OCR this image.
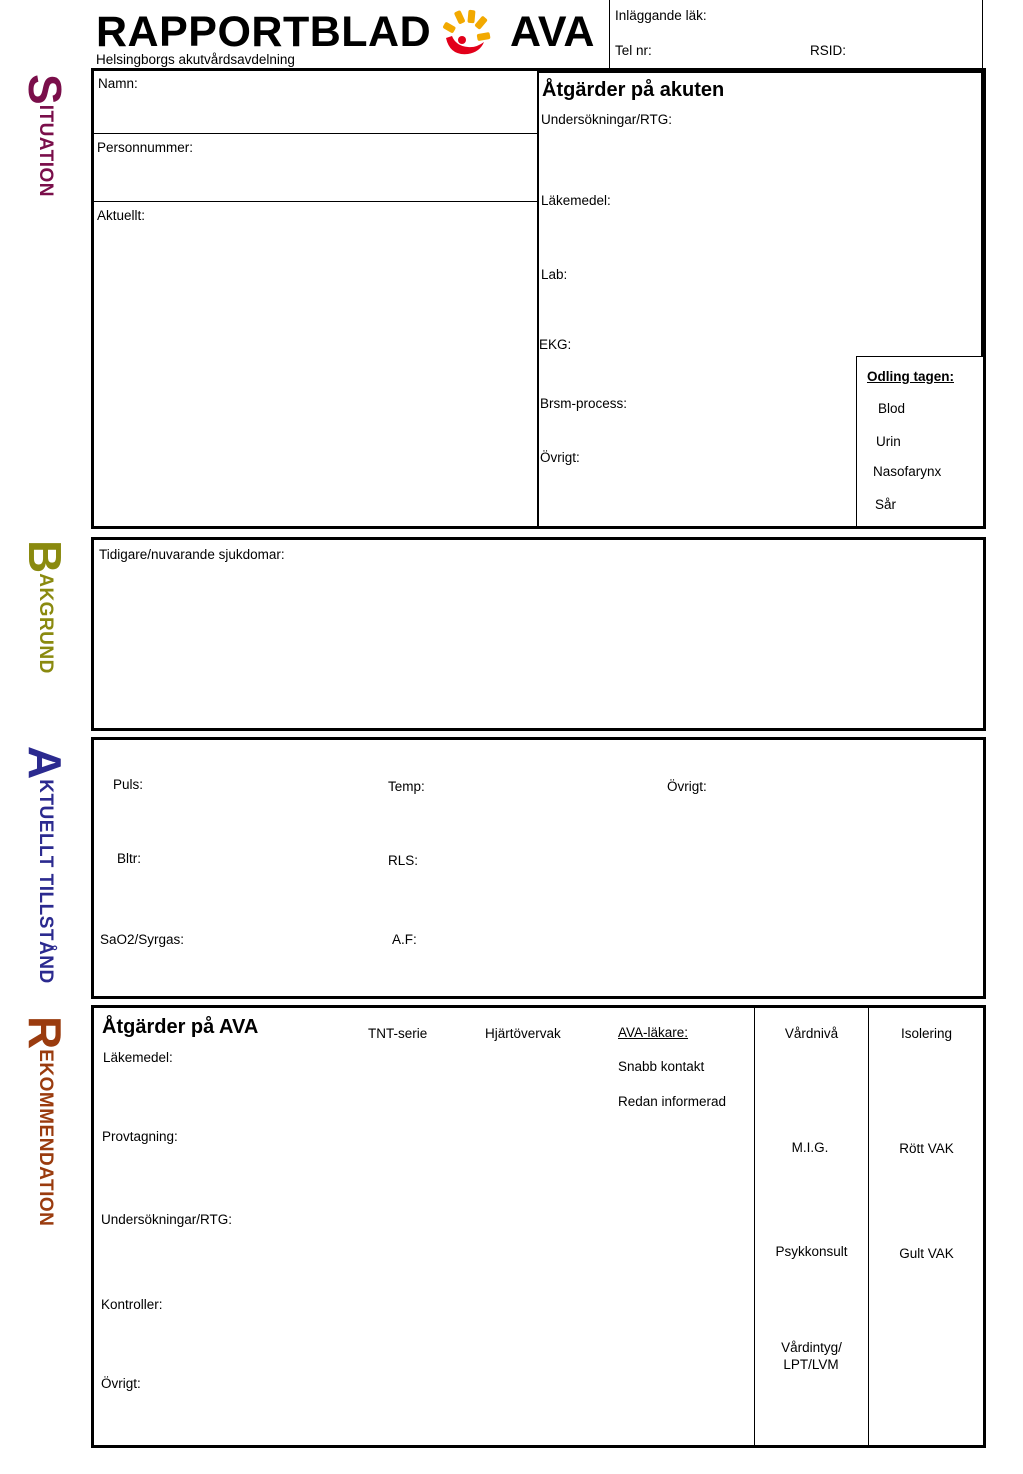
RAPPORTBLAD AVA
Helsingborgs akutvårdsavdelning
Inläggande läk:
Tel nr:	RSID:
SITUATION
BAKGRUND
AKTUELLT TILLSTÅND
REKOMMENDATION
Namn:
Personnummer:
Aktuellt:
Åtgärder på akuten
Undersökningar/RTG:
Läkemedel:
Lab:
EKG:
Brsm-process:
Övrigt:
Odling tagen:
Blod
Urin
Nasofarynx
Sår
Tidigare/nuvarande sjukdomar:
Puls:	Temp:	Övrigt:
Bltr:	RLS:
SaO2/Syrgas:	A.F:
Åtgärder på AVA
Läkemedel:
Provtagning:
Undersökningar/RTG:
Kontroller:
Övrigt:
TNT-serie	Hjärtövervak	AVA-läkare:
Snabb kontakt
Redan informerad
Vårdnivå
M.I.G.
Psykkonsult
Vårdintyg/
LPT/LVM
Isolering
Rött VAK
Gult VAK
